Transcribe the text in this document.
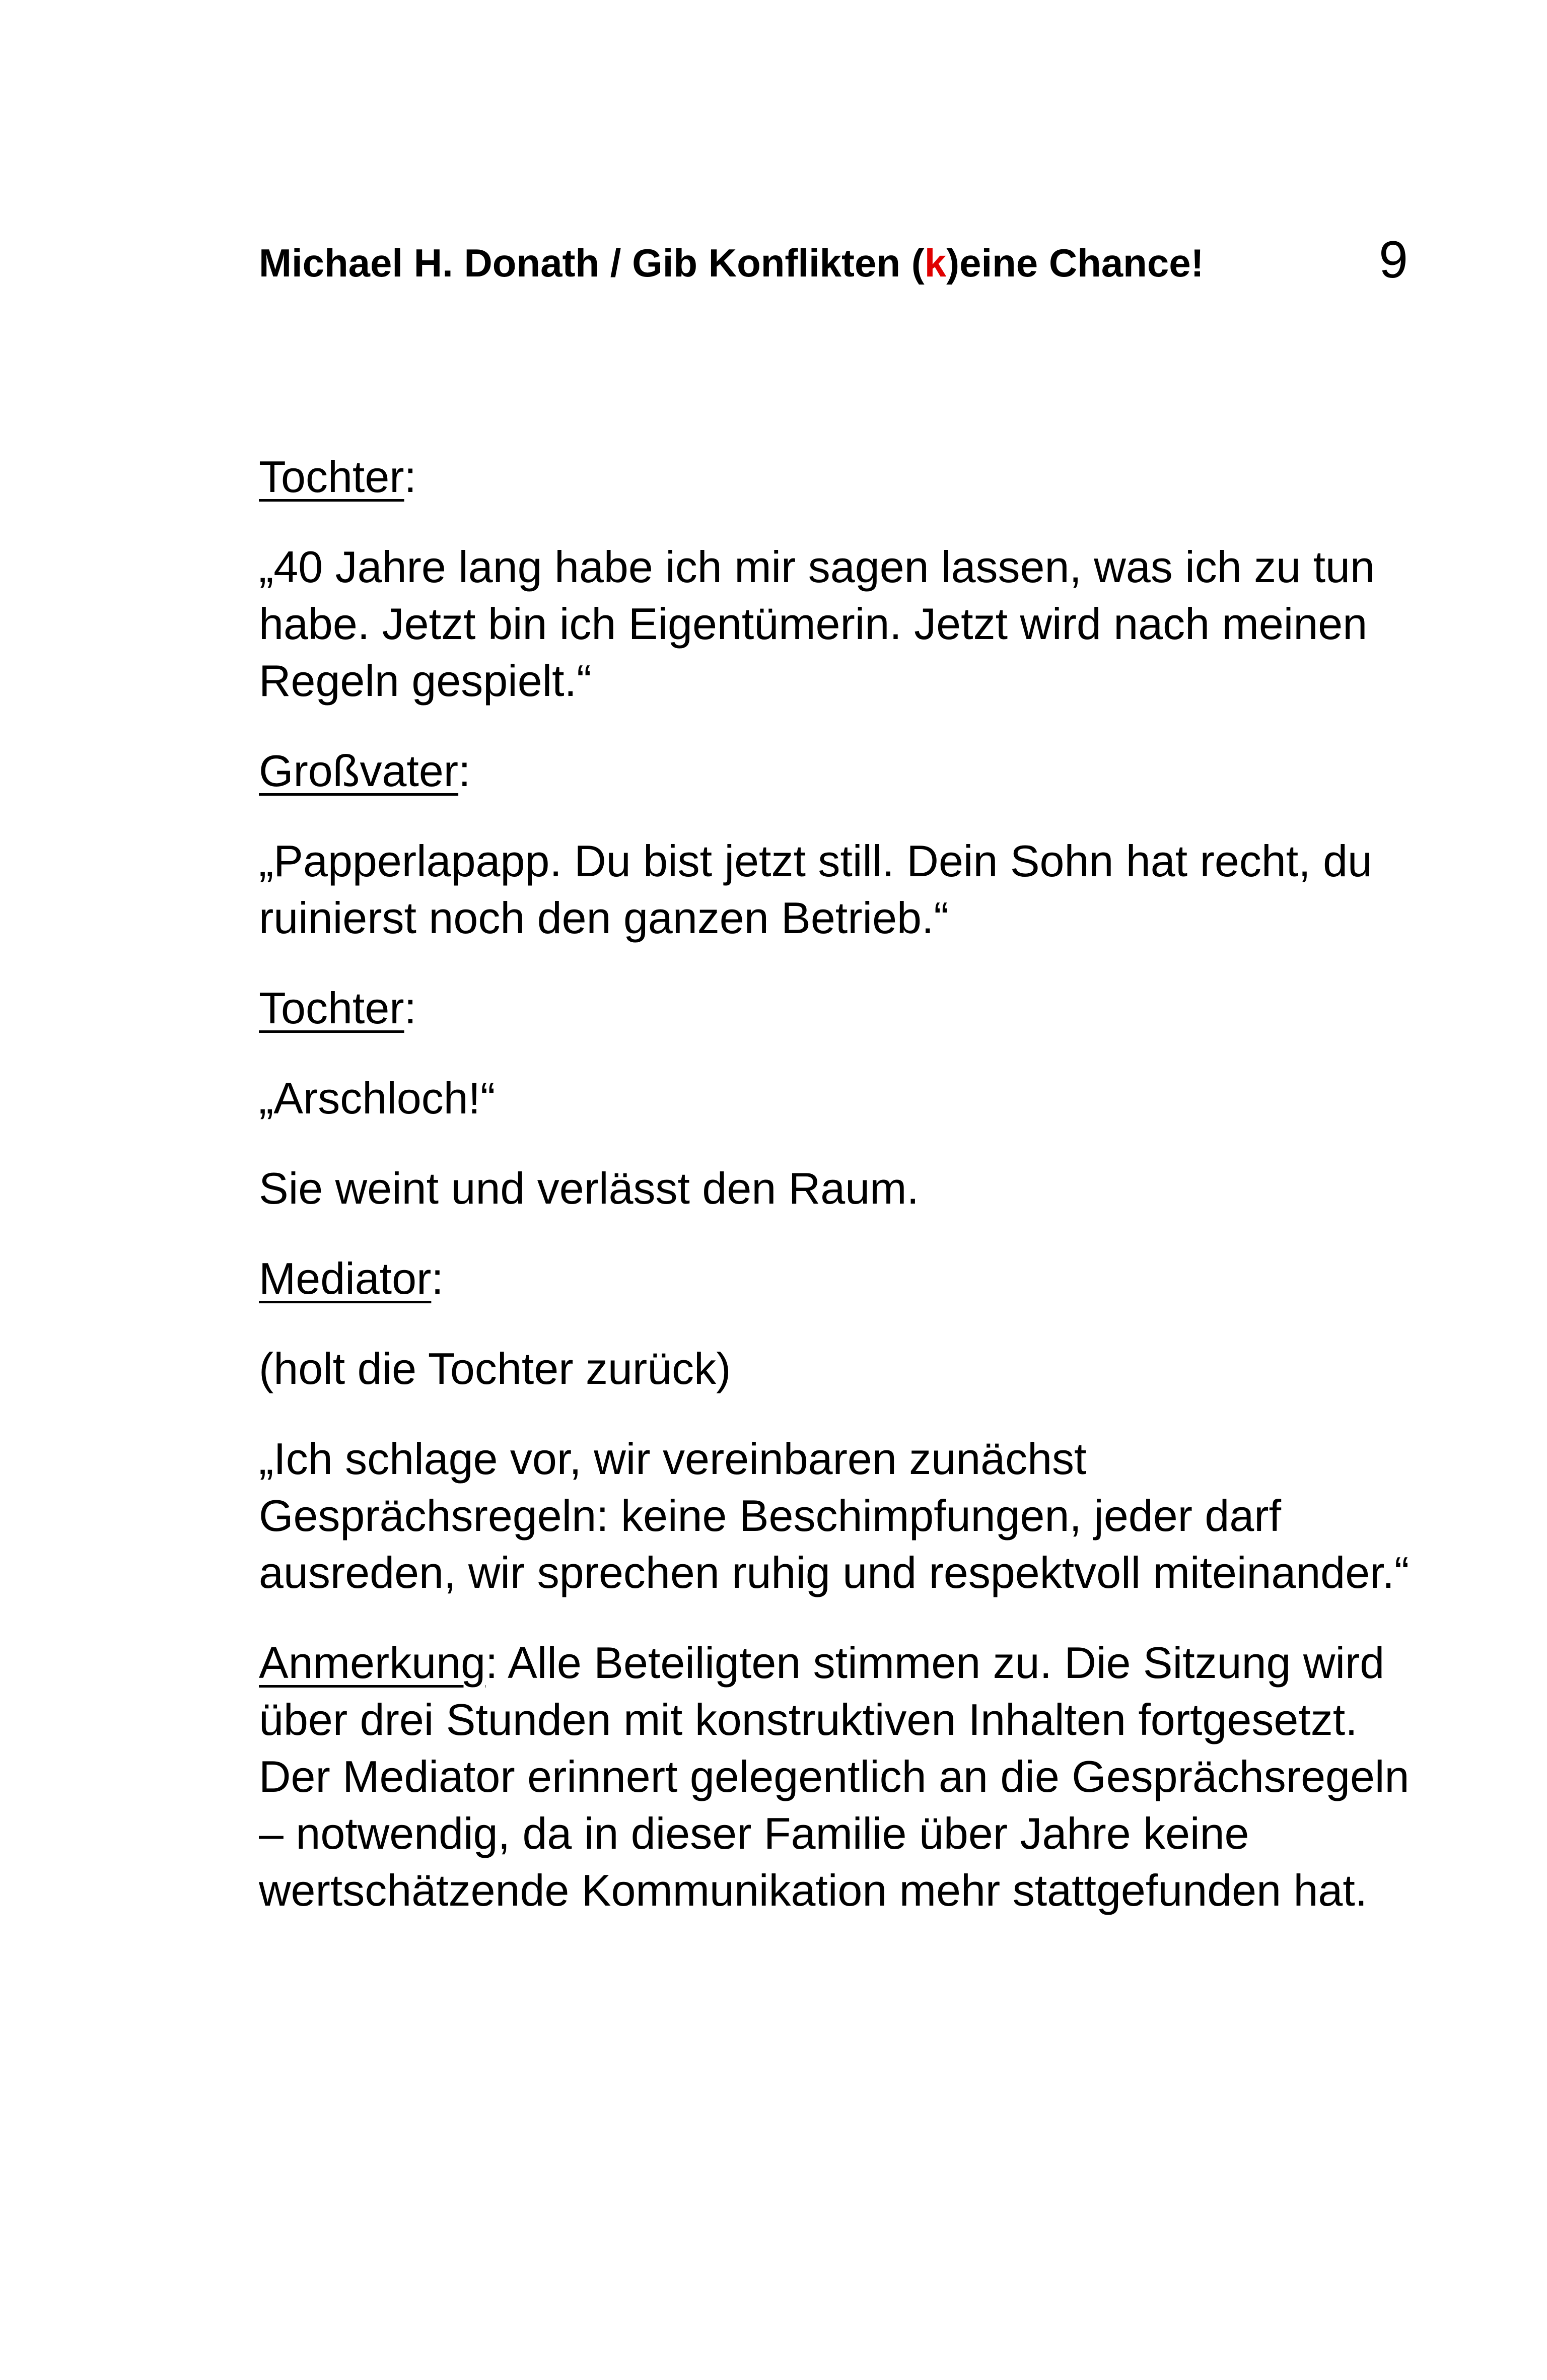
Michael H. Donath / Gib Konflikten (k)eine Chance!	9

Tochter:

„40 Jahre lang habe ich mir sagen lassen, was ich zu tun habe. Jetzt bin ich Eigentümerin. Jetzt wird nach meinen Regeln gespielt.“

Großvater:

„Papperlapapp. Du bist jetzt still. Dein Sohn hat recht, du ruinierst noch den ganzen Betrieb.“

Tochter:

„Arschloch!“

Sie weint und verlässt den Raum.

Mediator:

(holt die Tochter zurück)

„Ich schlage vor, wir vereinbaren zunächst Gesprächsregeln: keine Beschimpfungen, jeder darf ausreden, wir sprechen ruhig und respektvoll miteinander.“

Anmerkung: Alle Beteiligten stimmen zu. Die Sitzung wird über drei Stunden mit konstruktiven Inhalten fortgesetzt. Der Mediator erinnert gelegentlich an die Gesprächsregeln – notwendig, da in dieser Familie über Jahre keine wertschätzende Kommunikation mehr stattgefunden hat.
